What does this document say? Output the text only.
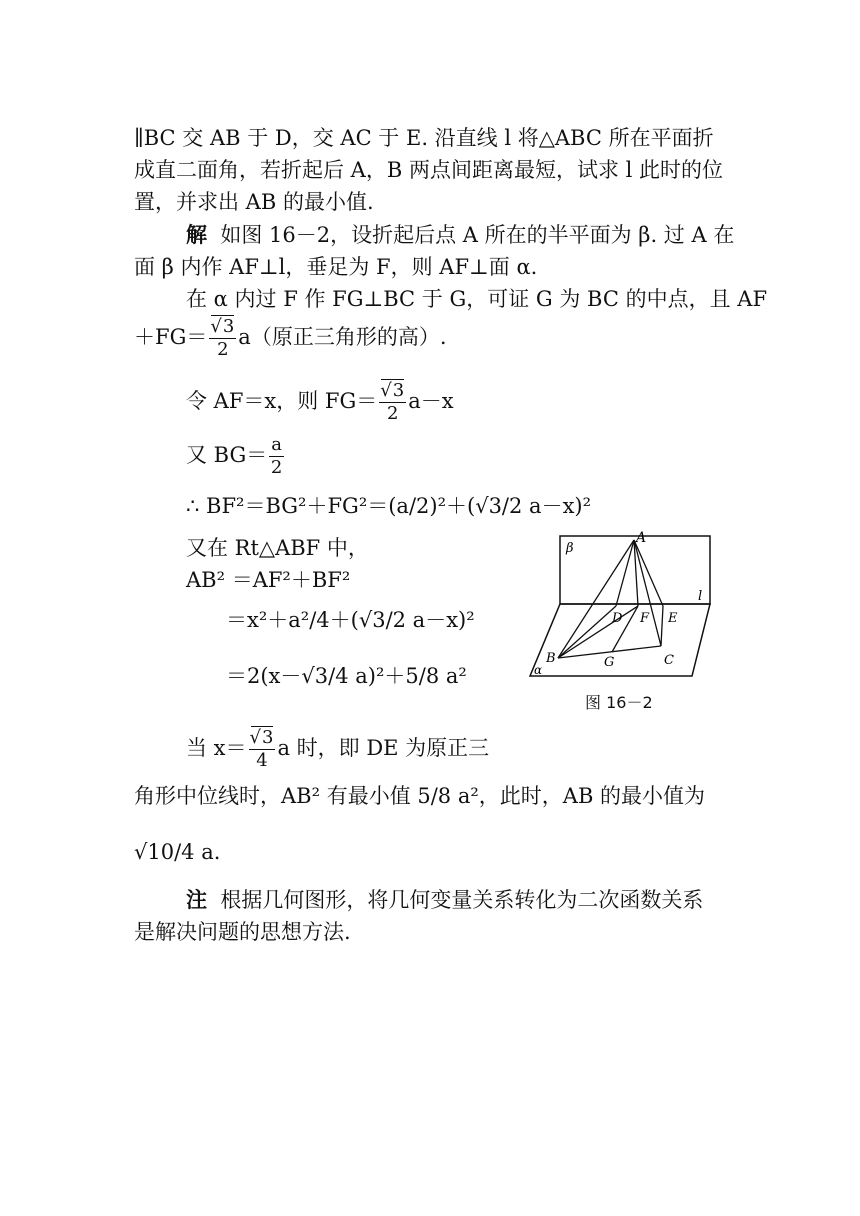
∥BC 交 AB 于 D，交 AC 于 E. 沿直线 l 将△ABC 所在平面折
成直二面角，若折起后 A，B 两点间距离最短，试求 l 此时的位
置，并求出 AB 的最小值.
解 如图 16－2，设折起后点 A 所在的半平面为 β. 过 A 在
面 β 内作 AF⊥l，垂足为 F，则 AF⊥面 α.
在 α 内过 F 作 FG⊥BC 于 G，可证 G 为 BC 的中点，且 AF
＋FG＝ √ $\frac{3}{2} a$（原正三角形的高）.
令 AF＝x，则 FG＝ √ $\frac{3}{2} a-x$
又 $BG= \frac{a}{2}$
∴ BF²＝BG²＋FG²＝(a/2)²＋(√3/2 a－x)²
又在 Rt△ABF 中，
AB² ＝AF²＋BF²
＝x²＋a²/4＋(√3/2 a－x)²
＝2(x－√3/4 a)²＋5/8 a²
当 x＝ √ $\frac{3}{4}$ a 时，即 DE 为原正三
角形中位线时，AB² 有最小值 5/8 a²，此时，AB 的最小值为
√10/4 a.
注 根据几何图形，将几何变量关系转化为二次函数关系
是解决问题的思想方法.
A
B	C
D	E
F
G
l
α
β
图 16－2
